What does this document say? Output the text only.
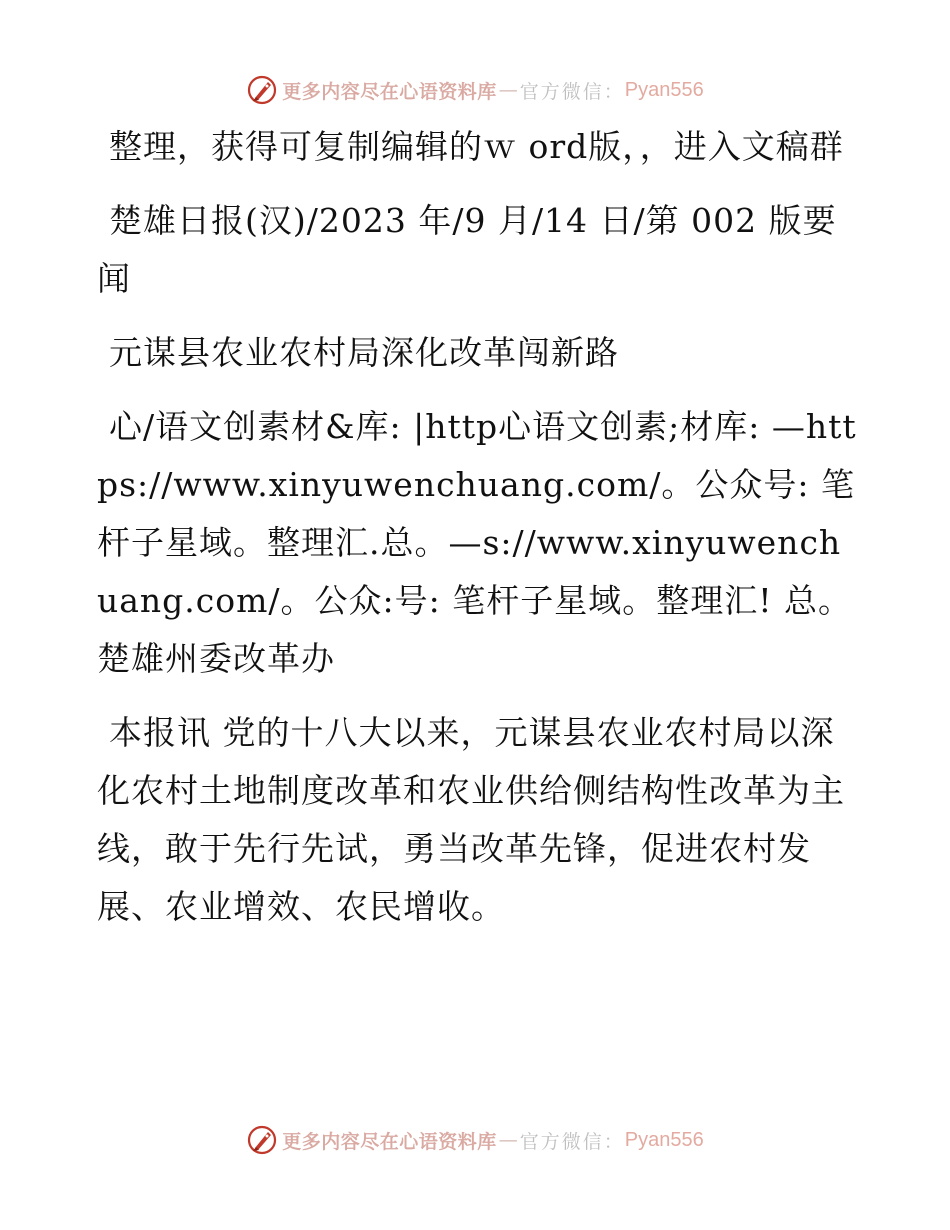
更多内容尽在心语资料库 — 官方微信： Pyan556

整理，获得可复制编辑的ｗ ord版，，进入文稿群

楚雄日报(汉)/2023 年/9 月/14 日/第 002 版要闻

元谋县农业农村局深化改革闯新路

心/语文创素材&库: |http心语文创素;材库: —https://www.xinyuwenchuang.com/。公众号: 笔杆子星域。整理汇.总。—s://www.xinyuwenchuang.com/。公众:号: 笔杆子星域。整理汇! 总。楚雄州委改革办

本报讯 党的十八大以来，元谋县农业农村局以深化农村土地制度改革和农业供给侧结构性改革为主线，敢于先行先试，勇当改革先锋，促进农村发展、农业增效、农民增收。

更多内容尽在心语资料库 — 官方微信： Pyan556
